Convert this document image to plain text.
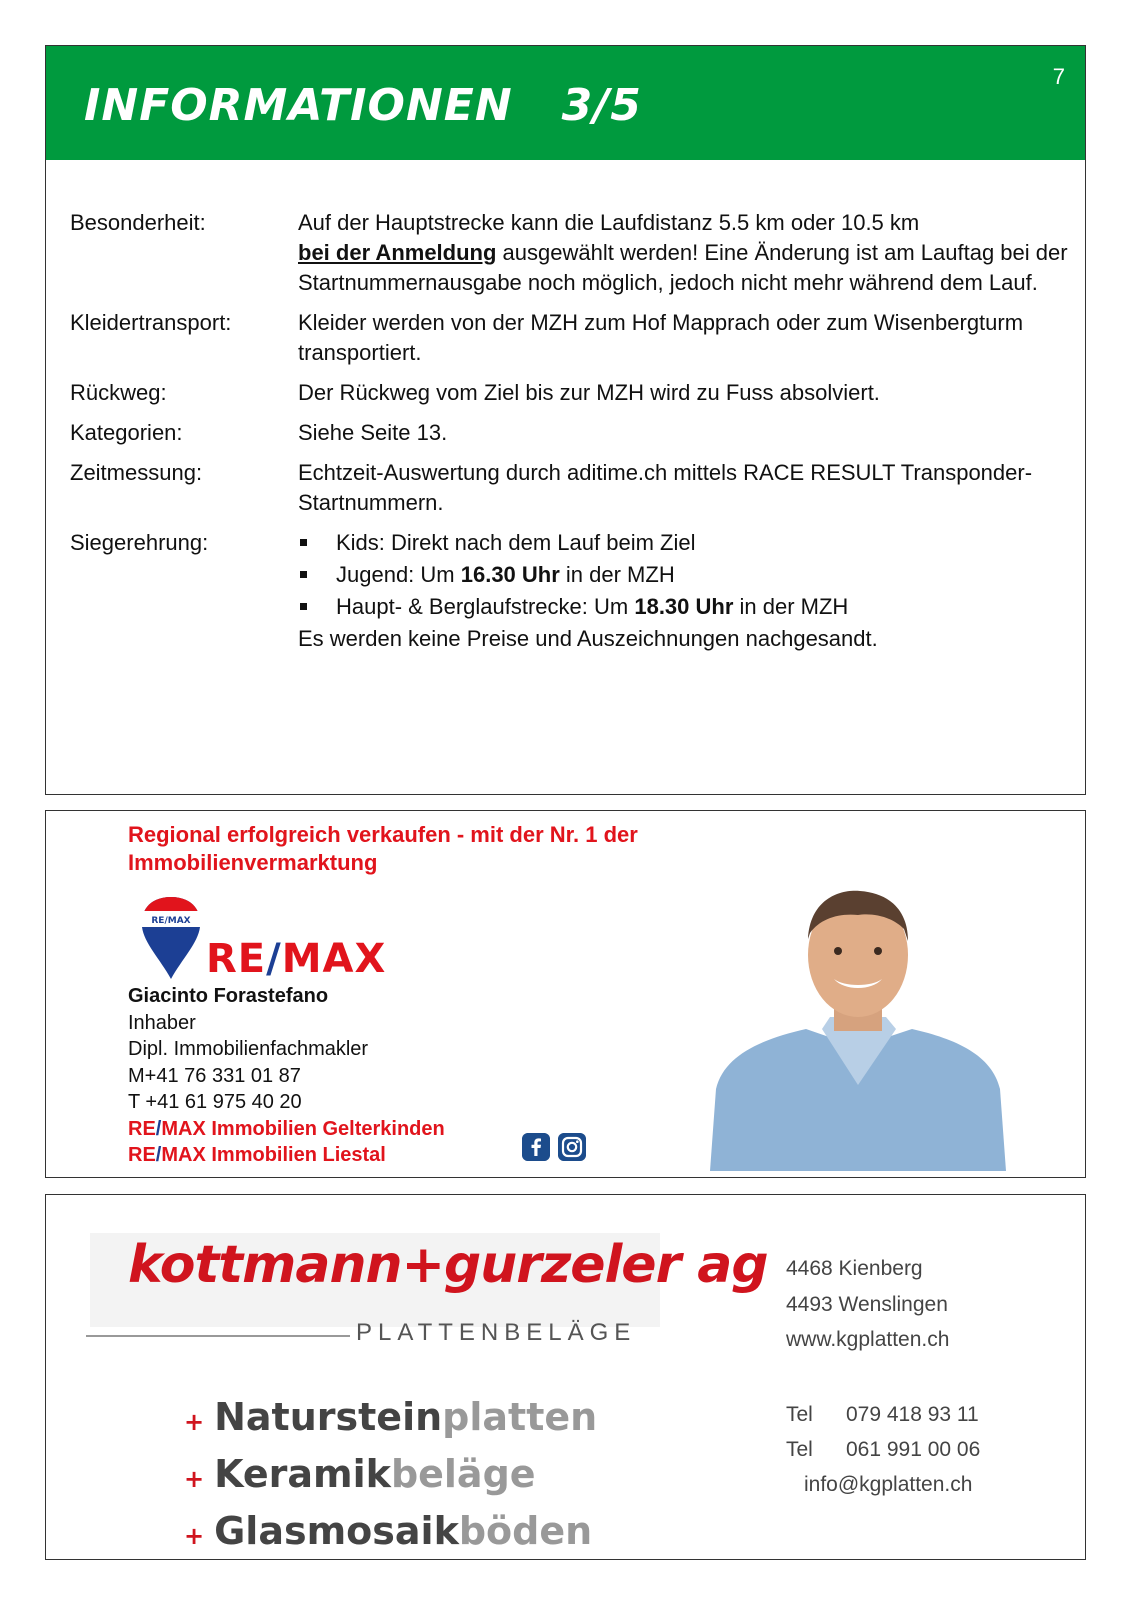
INFORMATIONEN   3/5
7
Besonderheit:	Auf der Hauptstrecke kann die Laufdistanz 5.5 km oder 10.5 km
bei der Anmeldung ausgewählt werden! Eine Änderung ist am Lauftag bei der Startnummernausgabe noch möglich, jedoch nicht mehr während dem Lauf.
Kleidertransport:	Kleider werden von der MZH zum Hof Mapprach oder zum Wisenbergturm transportiert.
Rückweg:	Der Rückweg vom Ziel bis zur MZH wird zu Fuss absolviert.
Kategorien:	Siehe Seite 13.
Zeitmessung:	Echtzeit-Auswertung durch aditime.ch mittels RACE RESULT Transponder-Startnummern.
Siegerehrung:	Kids: Direkt nach dem Lauf beim Ziel
Jugend: Um 16.30 Uhr in der MZH
Haupt- & Berglaufstrecke: Um 18.30 Uhr in der MZH
Es werden keine Preise und Auszeichnungen nachgesandt.
Regional erfolgreich verkaufen - mit der Nr. 1 der Immobilienvermarktung
RE/MAX
RE/MAX
Giacinto Forastefano
Inhaber
Dipl. Immobilienfachmakler
M+41 76 331 01 87
T +41 61 975 40 20
RE/MAX Immobilien Gelterkinden
RE/MAX Immobilien Liestal
kottmann+gurzeler ag
PLATTENBELÄGE
+ Naturstein platten
+ Keramik beläge
+ Glasmosaik böden
4468 Kienberg
4493 Wenslingen
www.kgplatten.ch
Tel	079 418 93 11
Tel	061 991 00 06
info@kgplatten.ch
